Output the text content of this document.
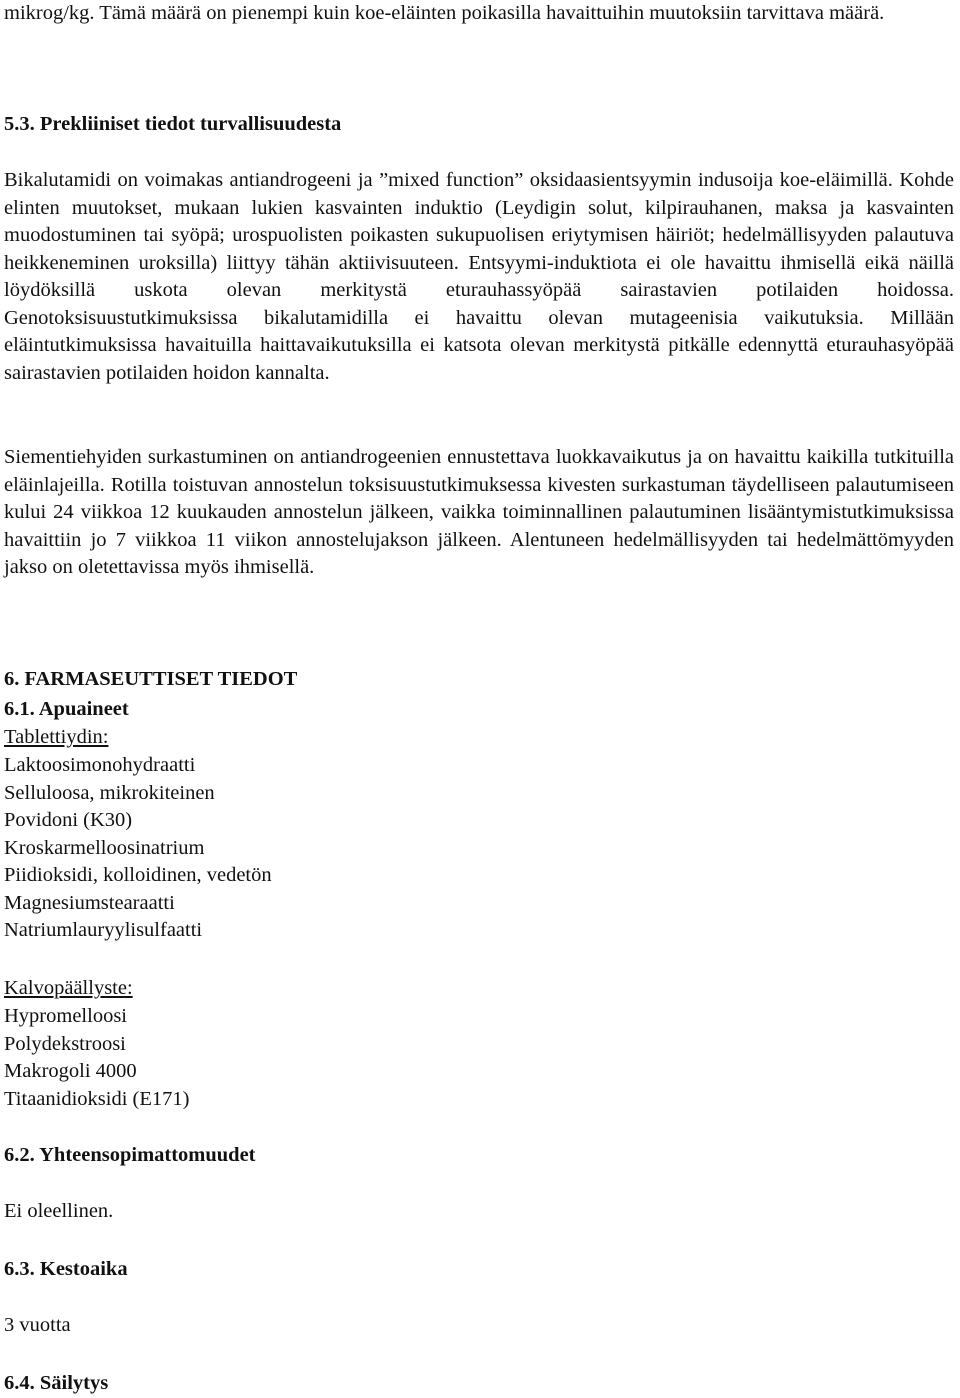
mikrog/kg. Tämä määrä on pienempi kuin koe-eläinten poikasilla havaittuihin muutoksiin tarvittava määrä.

5.3. Prekliiniset tiedot turvallisuudesta

Bikalutamidi on voimakas antiandrogeeni ja ”mixed function” oksidaasientsyymin indusoija koe-eläimillä. Kohde elinten muutokset, mukaan lukien kasvainten induktio (Leydigin solut, kilpirauhanen, maksa ja kasvainten muodostuminen tai syöpä; urospuolisten poikasten sukupuolisen eriytymisen häiriöt; hedelmällisyyden palautuva heikkeneminen uroksilla) liittyy tähän aktiivisuuteen. Entsyymi-induktiota ei ole havaittu ihmisellä eikä näillä löydöksillä uskota olevan merkitystä eturauhassyöpää sairastavien potilaiden hoidossa. Genotoksisuustutkimuksissa bikalutamidilla ei havaittu olevan mutageenisia vaikutuksia. Millään eläintutkimuksissa havaituilla haittavaikutuksilla ei katsota olevan merkitystä pitkälle edennyttä eturauhasyöpää sairastavien potilaiden hoidon kannalta.

Siementiehyiden surkastuminen on antiandrogeenien ennustettava luokkavaikutus ja on havaittu kaikilla tutkituilla eläinlajeilla. Rotilla toistuvan annostelun toksisuustutkimuksessa kivesten surkastuman täydelliseen palautumiseen kului 24 viikkoa 12 kuukauden annostelun jälkeen, vaikka toiminnallinen palautuminen lisääntymistutkimuksissa havaittiin jo 7 viikkoa 11 viikon annostelujakson jälkeen. Alentuneen hedelmällisyyden tai hedelmättömyyden jakso on oletettavissa myös ihmisellä.

6. FARMASEUTTISET TIEDOT

6.1. Apuaineet

Tablettiydin:

Laktoosimonohydraatti
Selluloosa, mikrokiteinen
Povidoni (K30)
Kroskarmelloosinatrium
Piidioksidi, kolloidinen, vedetön
Magnesiumstearaatti
Natriumlauryylisulfaatti

Kalvopäällyste:

Hypromelloosi
Polydekstroosi
Makrogoli 4000
Titaanidioksidi (E171)

6.2. Yhteensopimattomuudet

Ei oleellinen.

6.3. Kestoaika

3 vuotta

6.4. Säilytys
